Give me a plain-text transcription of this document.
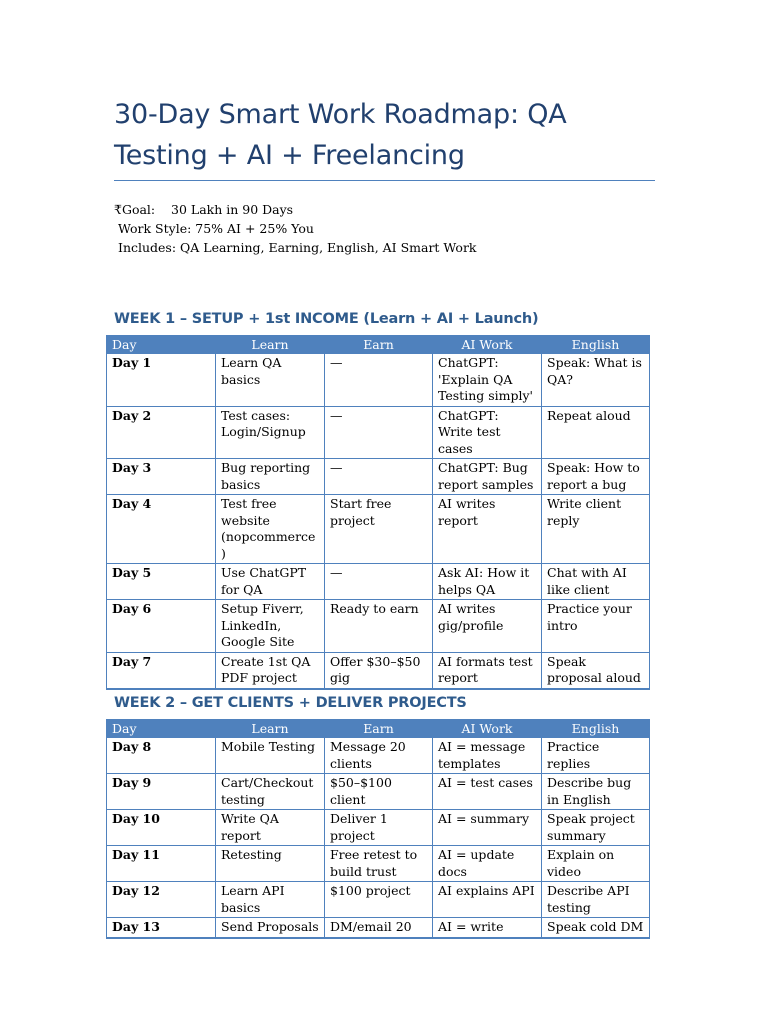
30-Day Smart Work Roadmap: QA Testing + AI + Freelancing
₹Goal:    30 Lakh in 90 Days
Work Style: 75% AI + 25% You
Includes: QA Learning, Earning, English, AI Smart Work
WEEK 1 – SETUP + 1st INCOME (Learn + AI + Launch)
Day	Learn	Earn	AI Work	English
Day 1	Learn QA basics	—	ChatGPT: 'Explain QA Testing simply'	Speak: What is QA?
Day 2	Test cases: Login/Signup	—	ChatGPT: Write test cases	Repeat aloud
Day 3	Bug reporting basics	—	ChatGPT: Bug report samples	Speak: How to report a bug
Day 4	Test free website (nopcommerce)	Start free project	AI writes report	Write client reply
Day 5	Use ChatGPT for QA	—	Ask AI: How it helps QA	Chat with AI like client
Day 6	Setup Fiverr, LinkedIn, Google Site	Ready to earn	AI writes gig/profile	Practice your intro
Day 7	Create 1st QA PDF project	Offer $30–$50 gig	AI formats test report	Speak proposal aloud
WEEK 2 – GET CLIENTS + DELIVER PROJECTS
Day	Learn	Earn	AI Work	English
Day 8	Mobile Testing	Message 20 clients	AI = message templates	Practice replies
Day 9	Cart/Checkout testing	$50–$100 client	AI = test cases	Describe bug in English
Day 10	Write QA report	Deliver 1 project	AI = summary	Speak project summary
Day 11	Retesting	Free retest to build trust	AI = update docs	Explain on video
Day 12	Learn API basics	$100 project	AI explains API	Describe API testing
Day 13	Send Proposals	DM/email 20	AI = write	Speak cold DM
